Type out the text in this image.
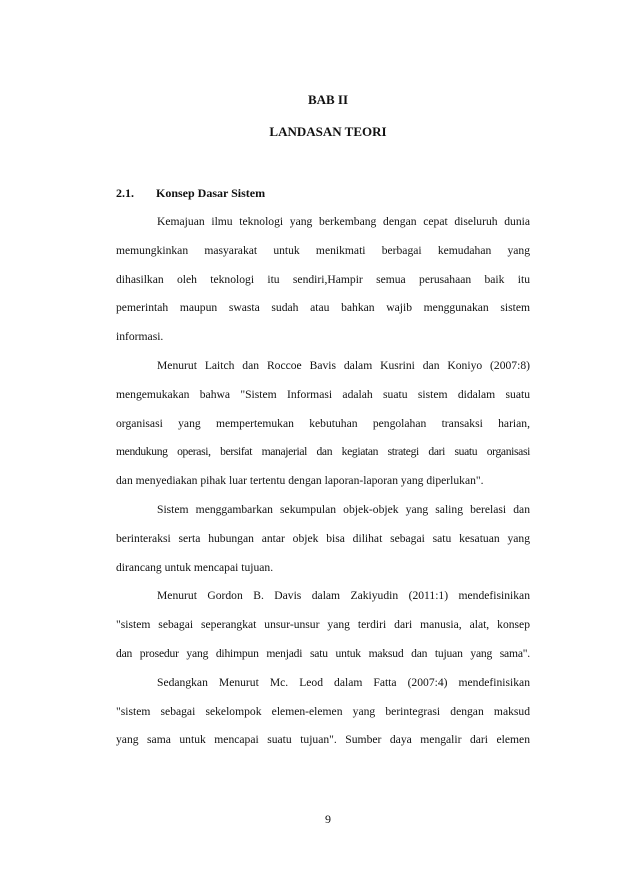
BAB II
LANDASAN TEORI
2.1. Konsep Dasar Sistem
Kemajuan ilmu teknologi yang berkembang dengan cepat diseluruh dunia
memungkinkan masyarakat untuk menikmati berbagai kemudahan yang
dihasilkan oleh teknologi itu sendiri,Hampir semua perusahaan baik itu
pemerintah maupun swasta sudah atau bahkan wajib menggunakan sistem
informasi.
Menurut Laitch dan Roccoe Bavis dalam Kusrini dan Koniyo (2007:8)
mengemukakan bahwa "Sistem Informasi adalah suatu sistem didalam suatu
organisasi yang mempertemukan kebutuhan pengolahan transaksi harian,
mendukung operasi, bersifat manajerial dan kegiatan strategi dari suatu organisasi
dan menyediakan pihak luar tertentu dengan laporan-laporan yang diperlukan".
Sistem menggambarkan sekumpulan objek-objek yang saling berelasi dan
berinteraksi serta hubungan antar objek bisa dilihat sebagai satu kesatuan yang
dirancang untuk mencapai tujuan.
Menurut Gordon B. Davis dalam Zakiyudin (2011:1) mendefisinikan
"sistem sebagai seperangkat unsur-unsur yang terdiri dari manusia, alat, konsep
dan prosedur yang dihimpun menjadi satu untuk maksud dan tujuan yang sama".
Sedangkan Menurut Mc. Leod dalam Fatta (2007:4) mendefinisikan
"sistem sebagai sekelompok elemen-elemen yang berintegrasi dengan maksud
yang sama untuk mencapai suatu tujuan". Sumber daya mengalir dari elemen
9
